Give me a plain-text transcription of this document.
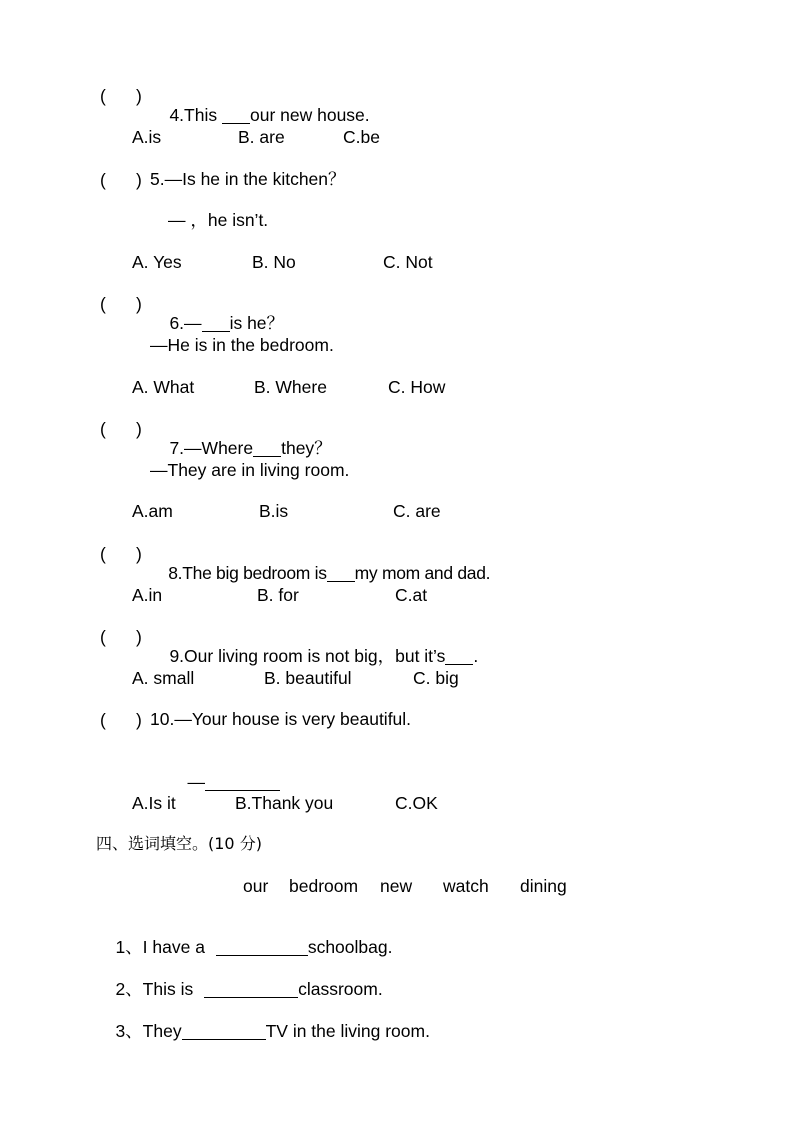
( )

4.This our new house.

A.is	B. are	C.be
( ) 5.—Is he in the kitchen？
— ，he isn’t.
A. Yes	B. No	C. Not
( )

6.— is he？

—He is in the bedroom.
A. What	B. Where	C. How
( )

7.—Where they？

—They are in living room.
A.am	B.is	C. are
( )

8.The big bedroom is my mom and dad.

A.in	B. for	C.at
( )

9.Our living room is not big，but it’s .

A. small	B. beautiful	C. big
( ) 10.—Your house is very beautiful.

—

A.Is it	B.Thank you	C.OK
四、选词填空。(10 分)
our bedroom new watch dining

1、I have a	schoolbag.

2、This is	classroom.

3、They	TV in the living room.
